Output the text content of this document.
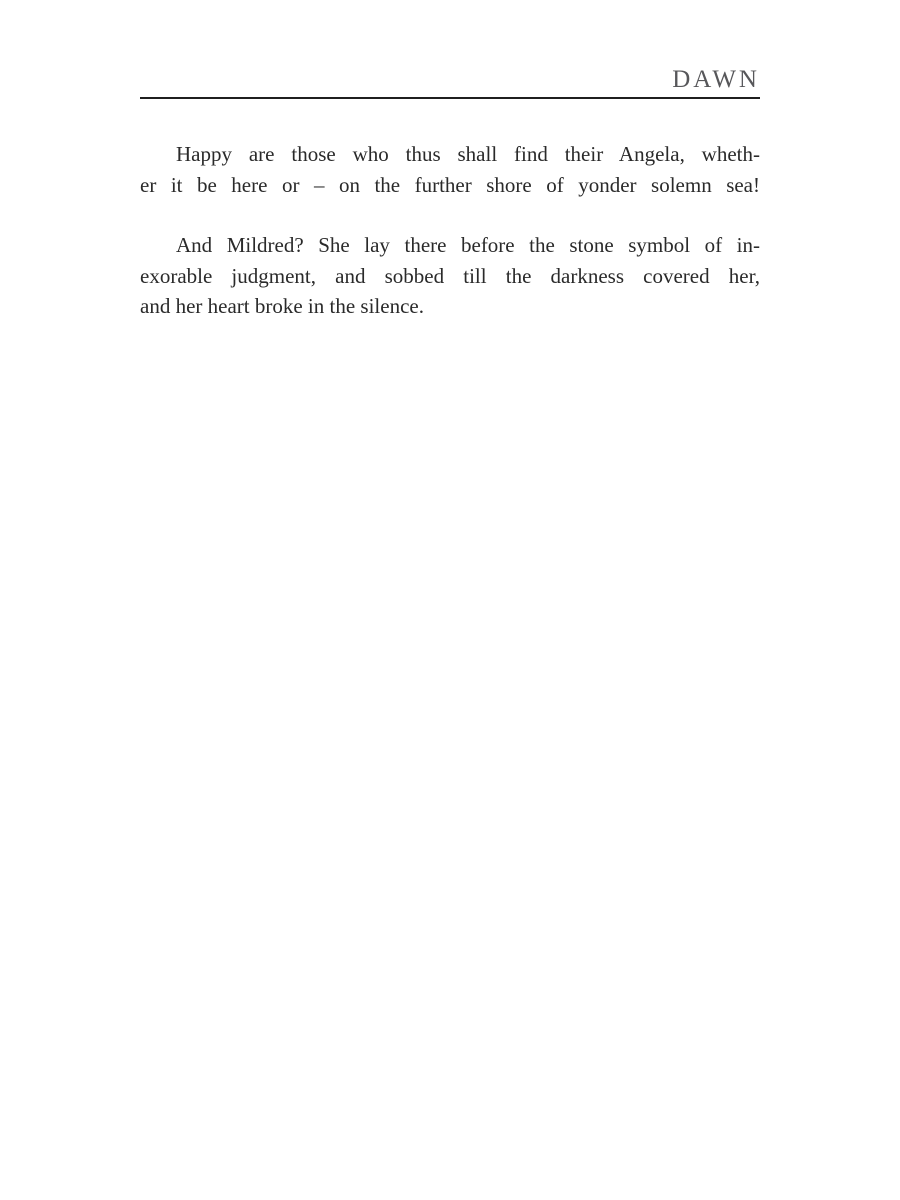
DAWN
Happy are those who thus shall find their Angela, wheth-
er it be here or – on the further shore of yonder solemn sea!
And Mildred? She lay there before the stone symbol of in-
exorable judgment, and sobbed till the darkness covered her,
and her heart broke in the silence.
